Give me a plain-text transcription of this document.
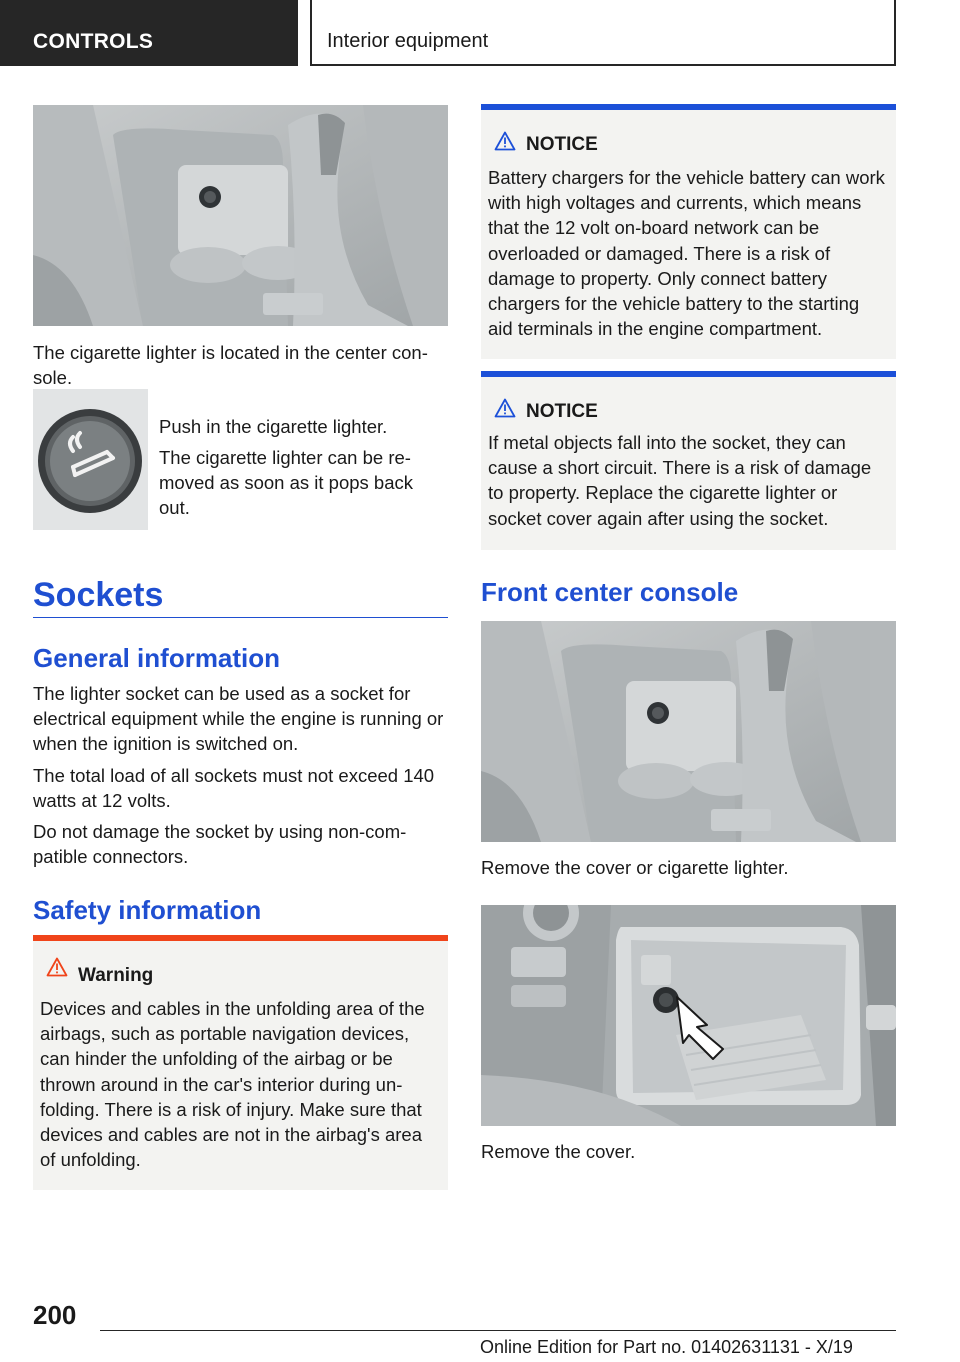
CONTROLS	Interior equipment

The cigarette lighter is located in the center con‐sole.

Push in the cigarette lighter.

The cigarette lighter can be re‐moved as soon as it pops back out.

Sockets
General information

The lighter socket can be used as a socket for electrical equipment while the engine is running or when the ignition is switched on.

The total load of all sockets must not exceed 140 watts at 12 volts.

Do not damage the socket by using non-com‐patible connectors.

Safety information
Warning

Devices and cables in the unfolding area of the airbags, such as portable navigation devices, can hinder the unfolding of the airbag or be thrown around in the car's interior during un‐folding. There is a risk of injury. Make sure that devices and cables are not in the airbag's area of unfolding.

NOTICE

Battery chargers for the vehicle battery can work with high voltages and currents, which means that the 12 volt on-board network can be overloaded or damaged. There is a risk of damage to property. Only connect battery chargers for the vehicle battery to the starting aid terminals in the engine compartment.

NOTICE

If metal objects fall into the socket, they can cause a short circuit. There is a risk of damage to property. Replace the cigarette lighter or socket cover again after using the socket.

Front center console

Remove the cover or cigarette lighter.

Remove the cover.

200
Online Edition for Part no. 01402631131 - X/19
